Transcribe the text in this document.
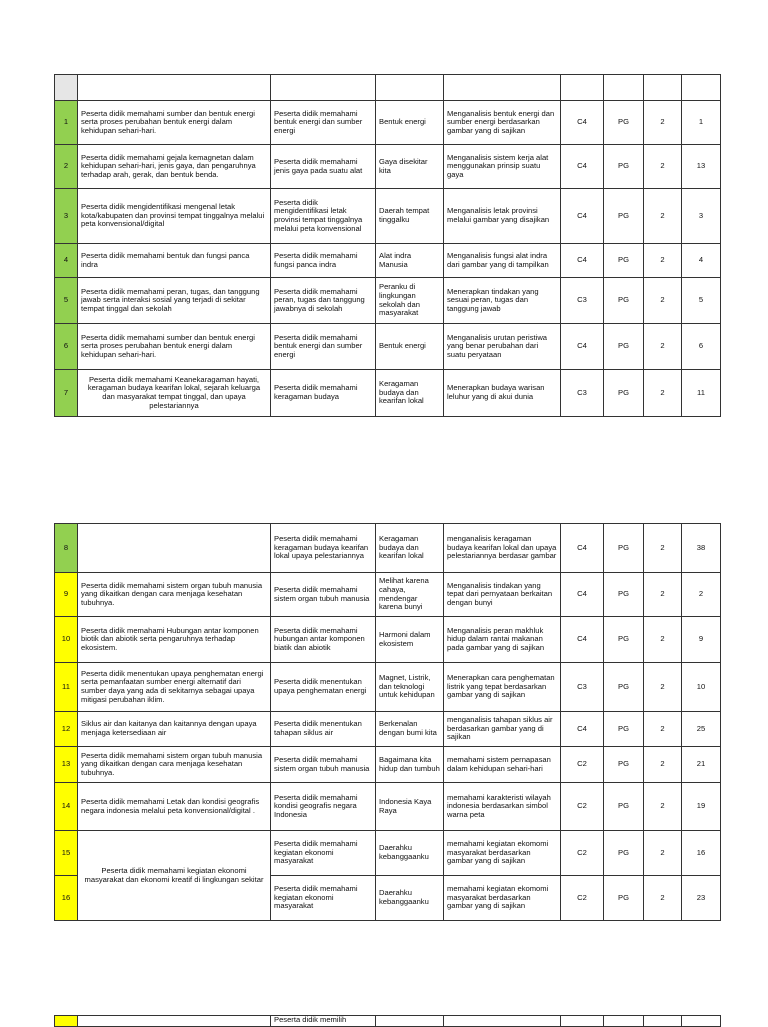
1	Peserta didik memahami sumber dan bentuk energi serta proses perubahan bentuk energi dalam kehidupan sehari-hari.	Peserta didik memahami bentuk energi dan sumber energi	Bentuk energi	Menganalisis bentuk energi dan sumber energi berdasarkan gambar yang di sajikan	C4	PG	2	1
2	Peserta didik memahami gejala kemagnetan dalam kehidupan sehari-hari, jenis gaya, dan pengaruhnya terhadap arah, gerak, dan bentuk benda.	Peserta didik memahami jenis gaya pada suatu alat	Gaya disekitar kita	Menganalisis sistem kerja alat menggunakan prinsip suatu gaya	C4	PG	2	13
3	Peserta didik mengidentifikasi mengenal letak kota/kabupaten dan provinsi tempat tinggalnya melalui peta konvensional/digital	Peserta didik mengidentifikasi letak provinsi tempat tinggalnya melalui peta konvensional	Daerah tempat tinggalku	Menganalisis letak provinsi melalui gambar yang disajikan	C4	PG	2	3
4	Peserta didik memahami bentuk dan fungsi panca indra	Peserta didik memahami fungsi panca indra	Alat indra Manusia	Menganalisis fungsi alat indra dari gambar yang di tampilkan	C4	PG	2	4
5	Peserta didik memahami peran, tugas, dan tanggung jawab serta interaksi sosial yang terjadi di sekitar tempat tinggal dan sekolah	Peserta didik memahami peran, tugas dan tanggung jawabnya di sekolah	Peranku di lingkungan sekolah dan masyarakat	Menerapkan tindakan yang sesuai peran, tugas dan tanggung jawab	C3	PG	2	5
6	Peserta didik memahami sumber dan bentuk energi serta proses perubahan bentuk energi dalam kehidupan sehari-hari.	Peserta didik memahami bentuk energi dan sumber energi	Bentuk energi	Menganalisis urutan peristiwa yang benar perubahan dari suatu peryataan	C4	PG	2	6
7	Peserta didik memahami Keanekaragaman hayati, keragaman budaya kearifan lokal, sejarah keluarga dan masyarakat tempat tinggal, dan upaya pelestariannya	Peserta didik memahami keragaman budaya	Keragaman budaya dan kearifan lokal	Menerapkan budaya warisan leluhur yang di akui dunia	C3	PG	2	11
8		Peserta didik memahami keragaman budaya kearifan lokal upaya pelestariannya	Keragaman budaya dan kearifan lokal	menganalisis keragaman budaya kearifan lokal dan upaya pelestariannya berdasar gambar	C4	PG	2	38
9	Peserta didik memahami sistem organ tubuh manusia yang dikaitkan dengan cara menjaga kesehatan tubuhnya.	Peserta didik memahami sistem organ tubuh manusia	Melihat karena cahaya, mendengar karena bunyi	Menganalisis tindakan yang tepat dari pernyataan berkaitan dengan bunyi	C4	PG	2	2
10	Peserta didik memahami Hubungan antar komponen biotik dan abiotik serta pengaruhnya terhadap ekosistem.	Peserta didik memahami hubungan antar komponen biatik dan abiotik	Harmoni dalam ekosistem	Menganalisis peran makhluk hidup dalam rantai makanan pada gambar yang di sajikan	C4	PG	2	9
11	Peserta didik menentukan upaya penghematan energi serta pemanfaatan sumber energi alternatif dari sumber daya yang ada di sekitarnya sebagai upaya mitigasi perubahan iklim.	Peserta didik menentukan upaya penghematan energi	Magnet, Listrik, dan teknologi untuk kehidupan	Menerapkan cara penghematan listrik yang tepat berdasarkan gambar yang di sajikan	C3	PG	2	10
12	Siklus air dan kaitanya dan kaitannya dengan upaya menjaga ketersediaan air	Peserta didik menentukan tahapan siklus air	Berkenalan dengan bumi kita	menganalisis tahapan siklus air berdasarkan gambar yang di sajikan	C4	PG	2	25
13	Peserta didik memahami sistem organ tubuh manusia yang dikaitkan dengan cara menjaga kesehatan tubuhnya.	Peserta didik memahami sistem organ tubuh manusia	Bagaimana kita hidup dan tumbuh	memahami sistem pernapasan dalam kehidupan sehari-hari	C2	PG	2	21
14	Peserta didik memahami Letak dan kondisi geografis negara indonesia melalui peta konvensional/digital .	Peserta didik memahami kondisi geografis negara Indonesia	Indonesia Kaya Raya	memahami karakteristi wilayah indonesia berdasarkan simbol warna peta	C2	PG	2	19
15	Peserta didik memahami kegiatan ekonomi masyarakat dan ekonomi kreatif di lingkungan sekitar	Peserta didik memahami kegiatan ekonomi masyarakat	Daerahku kebanggaanku	memahami kegiatan ekomomi masyarakat berdasarkan gambar yang di sajikan	C2	PG	2	16
16		Peserta didik memahami kegiatan ekonomi masyarakat	Daerahku kebanggaanku	memahami kegiatan ekomomi masyarakat berdasarkan gambar yang di sajikan	C2	PG	2	23
		Peserta didik memilih						
